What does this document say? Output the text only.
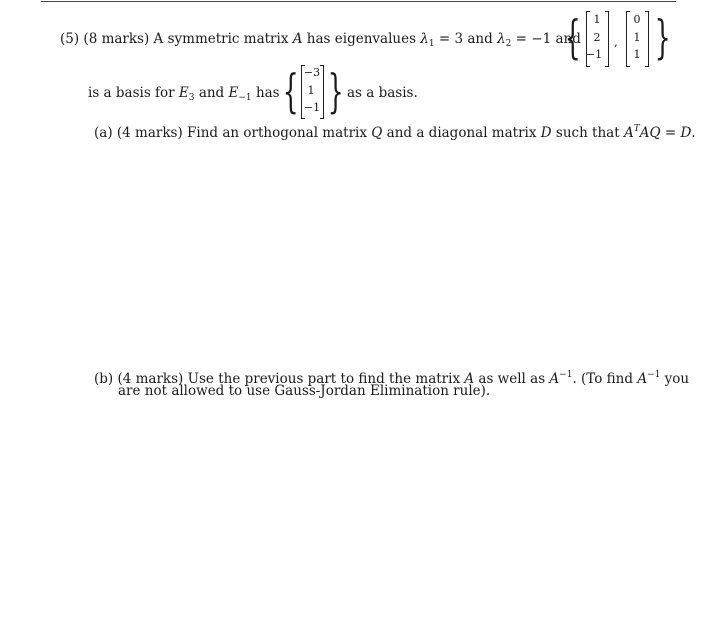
(5) (8 marks) A symmetric matrix A has eigenvalues $\lambda_1 = 3$ and $\lambda_2 = -1$ and
{	1
2
−1
,
0
1
1 }
is a basis for $E_3$ and $E_{-1}$ has { −3
1
−1 } as a basis.
(a) (4 marks) Find an orthogonal matrix Q and a diagonal matrix D such that $A^TAQ = D$.
(b) (4 marks) Use the previous part to find the matrix A as well as $A^{-1}$. (To find $A^{-1}$ you
are not allowed to use Gauss-Jordan Elimination rule).
